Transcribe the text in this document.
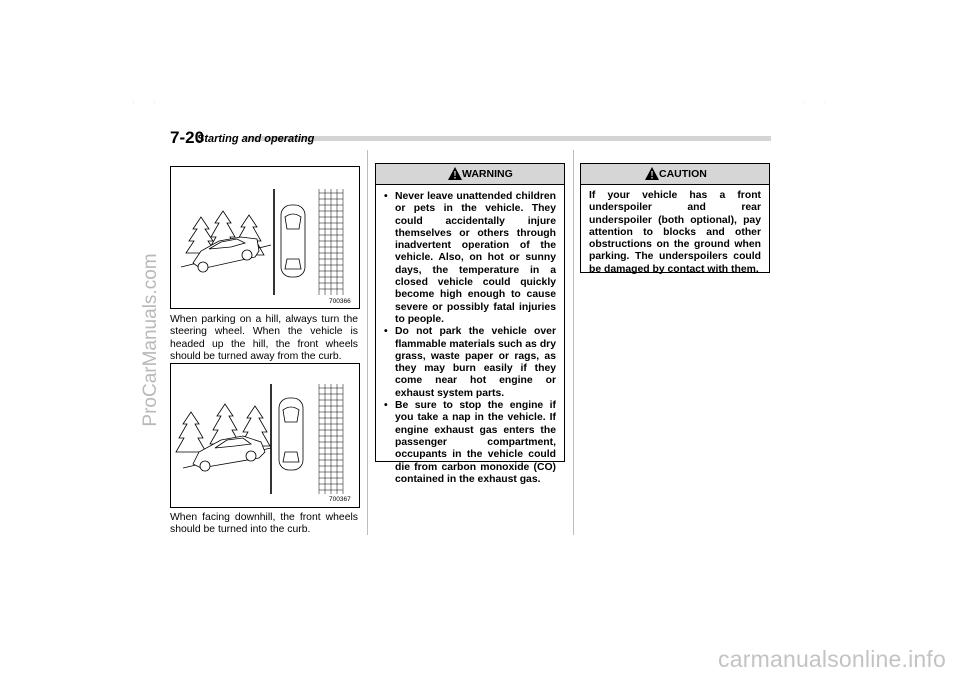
ProCarManuals.com
carmanualsonline.info
· ·	· ·
7-20
Starting and operating
700366
When parking on a hill, always turn the steering wheel. When the vehicle is headed up the hill, the front wheels should be turned away from the curb.
700367
When facing downhill, the front wheels should be turned into the curb.
WARNING
• Never leave unattended children or pets in the vehicle. They could accidentally injure themselves or others through inadvertent operation of the vehicle. Also, on hot or sunny days, the temperature in a closed vehicle could quickly become high enough to cause severe or possibly fatal injuries to people.
• Do not park the vehicle over flammable materials such as dry grass, waste paper or rags, as they may burn easily if they come near hot engine or exhaust system parts.
• Be sure to stop the engine if you take a nap in the vehicle. If engine exhaust gas enters the passenger compartment, occupants in the vehicle could die from carbon monoxide (CO) contained in the exhaust gas.
CAUTION
If your vehicle has a front underspoiler and rear underspoiler (both optional), pay attention to blocks and other obstructions on the ground when parking. The underspoilers could be damaged by contact with them.
